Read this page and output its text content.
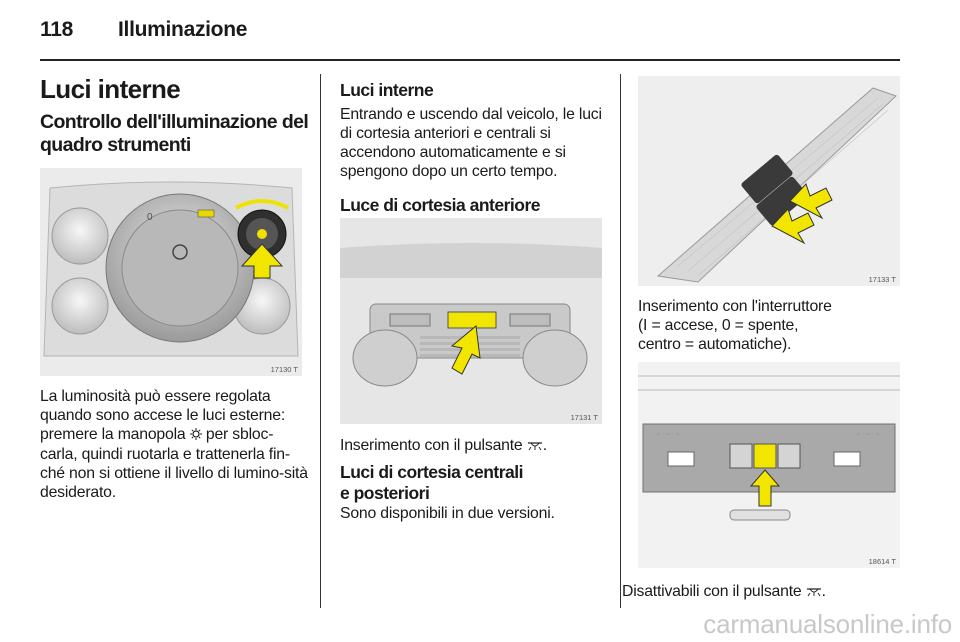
118 Illuminazione
Luci interne
Controllo dell'illuminazione del quadro strumenti
0
17130 T

La luminosità può essere regolata quando sono accese le luci esterne: premere la manopola per sbloc-carla, quindi ruotarla e trattenerla fin-ché non si ottiene il livello di lumino-sità desiderato.

Luci interne

Entrando e uscendo dal veicolo, le luci di cortesia anteriori e centrali si accendono automaticamente e si spengono dopo un certo tempo.

Luce di cortesia anteriore
17131 T

Inserimento con il pulsante .

Luci di cortesia centrali
e posteriori

Sono disponibili in due versioni.

17133 T

Inserimento con l'interruttore
(I = accese, 0 = spente,
centro = automatiche).

18614 T

Disattivabili con il pulsante .

carmanualsonline.info
